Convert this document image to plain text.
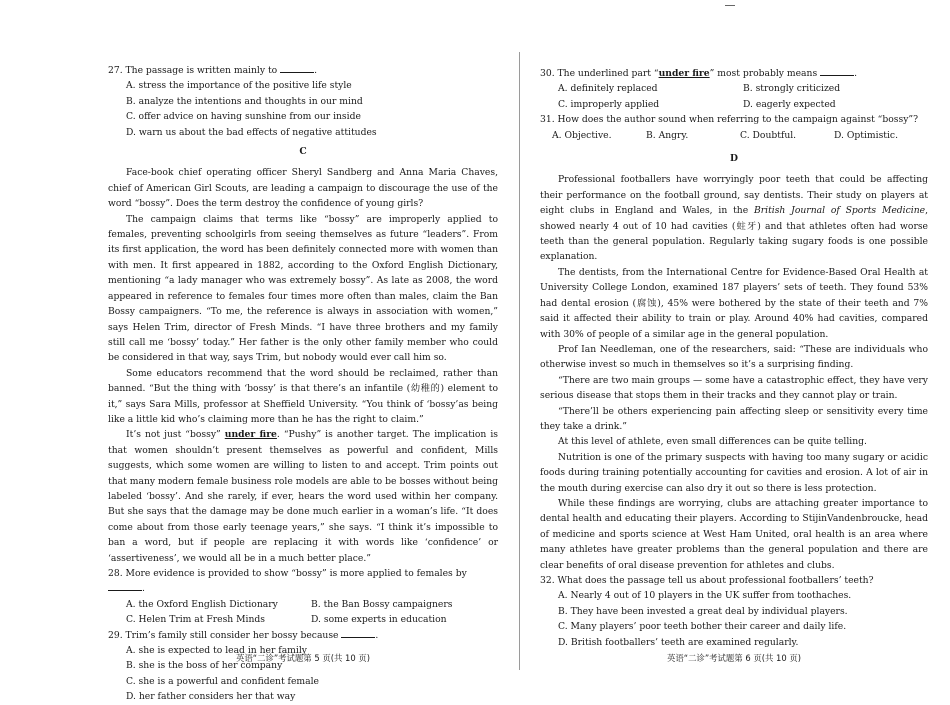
27. The passage is written mainly to	.

A. stress the importance of the positive life style

B. analyze the intentions and thoughts in our mind

C. offer advice on having sunshine from our inside

D. warn us about the bad effects of negative attitudes

C

Face-book chief operating officer Sheryl Sandberg and Anna Maria Chaves, chief of American Girl Scouts, are leading a campaign to discourage the use of the word “bossy”. Does the term destroy the confidence of young girls?

The campaign claims that terms like “bossy” are improperly applied to females, preventing schoolgirls from seeing themselves as future “leaders”. From its first application, the word has been definitely connected more with women than with men. It first appeared in 1882, according to the Oxford English Dictionary, mentioning “a lady manager who was extremely bossy”. As late as 2008, the word appeared in reference to females four times more often than males, claim the Ban Bossy campaigners. “To me, the reference is always in association with women,” says Helen Trim, director of Fresh Minds. “I have three brothers and my family still call me ‘bossy’ today.” Her father is the only other family member who could be considered in that way, says Trim, but nobody would ever call him so.

Some educators recommend that the word should be reclaimed, rather than banned. “But the thing with ‘bossy’ is that there’s an infantile (幼稚的) element to it,” says Sara Mills, professor at Sheffield University. “You think of ‘bossy’as being like a little kid who’s claiming more than he has the right to claim.”

It’s not just “bossy” under fire. “Pushy” is another target. The implication is that women shouldn’t present themselves as powerful and confident, Mills suggests, which some women are willing to listen to and accept. Trim points out that many modern female business role models are able to be bosses without being labeled ‘bossy’. And she rarely, if ever, hears the word used within her company. But she says that the damage may be done much earlier in a woman’s life. “It does come about from those early teenage years,” she says. “I think it’s impossible to ban a word, but if people are replacing it with words like ‘confidence’ or ‘assertiveness’, we would all be in a much better place.”

28. More evidence is provided to show “bossy” is more applied to females by .

A. the Oxford English Dictionary	B. the Ban Bossy campaigners
C. Helen Trim at Fresh Minds	D. some experts in education

29. Trim’s family still consider her bossy because	.

A. she is expected to lead in her family

B. she is the boss of her company

C. she is a powerful and confident female

D. her father considers her that way

英语“二诊”考试题第 5 页(共 10 页)

30. The underlined part “under fire” most probably means	.

A. definitely replaced	B. strongly criticized
C. improperly applied	D. eagerly expected

31. How does the author sound when referring to the campaign against “bossy”?

A. Objective.	B. Angry.	C. Doubtful.	D. Optimistic.

D

Professional footballers have worryingly poor teeth that could be affecting their performance on the football ground, say dentists. Their study on players at eight clubs in England and Wales, in the British Journal of Sports Medicine, showed nearly 4 out of 10 had cavities (蛀牙) and that athletes often had worse teeth than the general population. Regularly taking sugary foods is one possible explanation.

The dentists, from the International Centre for Evidence-Based Oral Health at University College London, examined 187 players’ sets of teeth. They found 53% had dental erosion (腐蚀), 45% were bothered by the state of their teeth and 7% said it affected their ability to train or play. Around 40% had cavities, compared with 30% of people of a similar age in the general population.

Prof Ian Needleman, one of the researchers, said: “These are individuals who otherwise invest so much in themselves so it’s a surprising finding.

“There are two main groups — some have a catastrophic effect, they have very serious disease that stops them in their tracks and they cannot play or train.

“There’ll be others experiencing pain affecting sleep or sensitivity every time they take a drink.”

At this level of athlete, even small differences can be quite telling.

Nutrition is one of the primary suspects with having too many sugary or acidic foods during training potentially accounting for cavities and erosion. A lot of air in the mouth during exercise can also dry it out so there is less protection.

While these findings are worrying, clubs are attaching greater importance to dental health and educating their players. According to StijinVandenbroucke, head of medicine and sports science at West Ham United, oral health is an area where many athletes have greater problems than the general population and there are clear benefits of oral disease prevention for athletes and clubs.

32. What does the passage tell us about professional footballers’ teeth?

A. Nearly 4 out of 10 players in the UK suffer from toothaches.

B. They have been invested a great deal by individual players.

C. Many players’ poor teeth bother their career and daily life.

D. British footballers’ teeth are examined regularly.

英语“二诊”考试题第 6 页(共 10 页)
